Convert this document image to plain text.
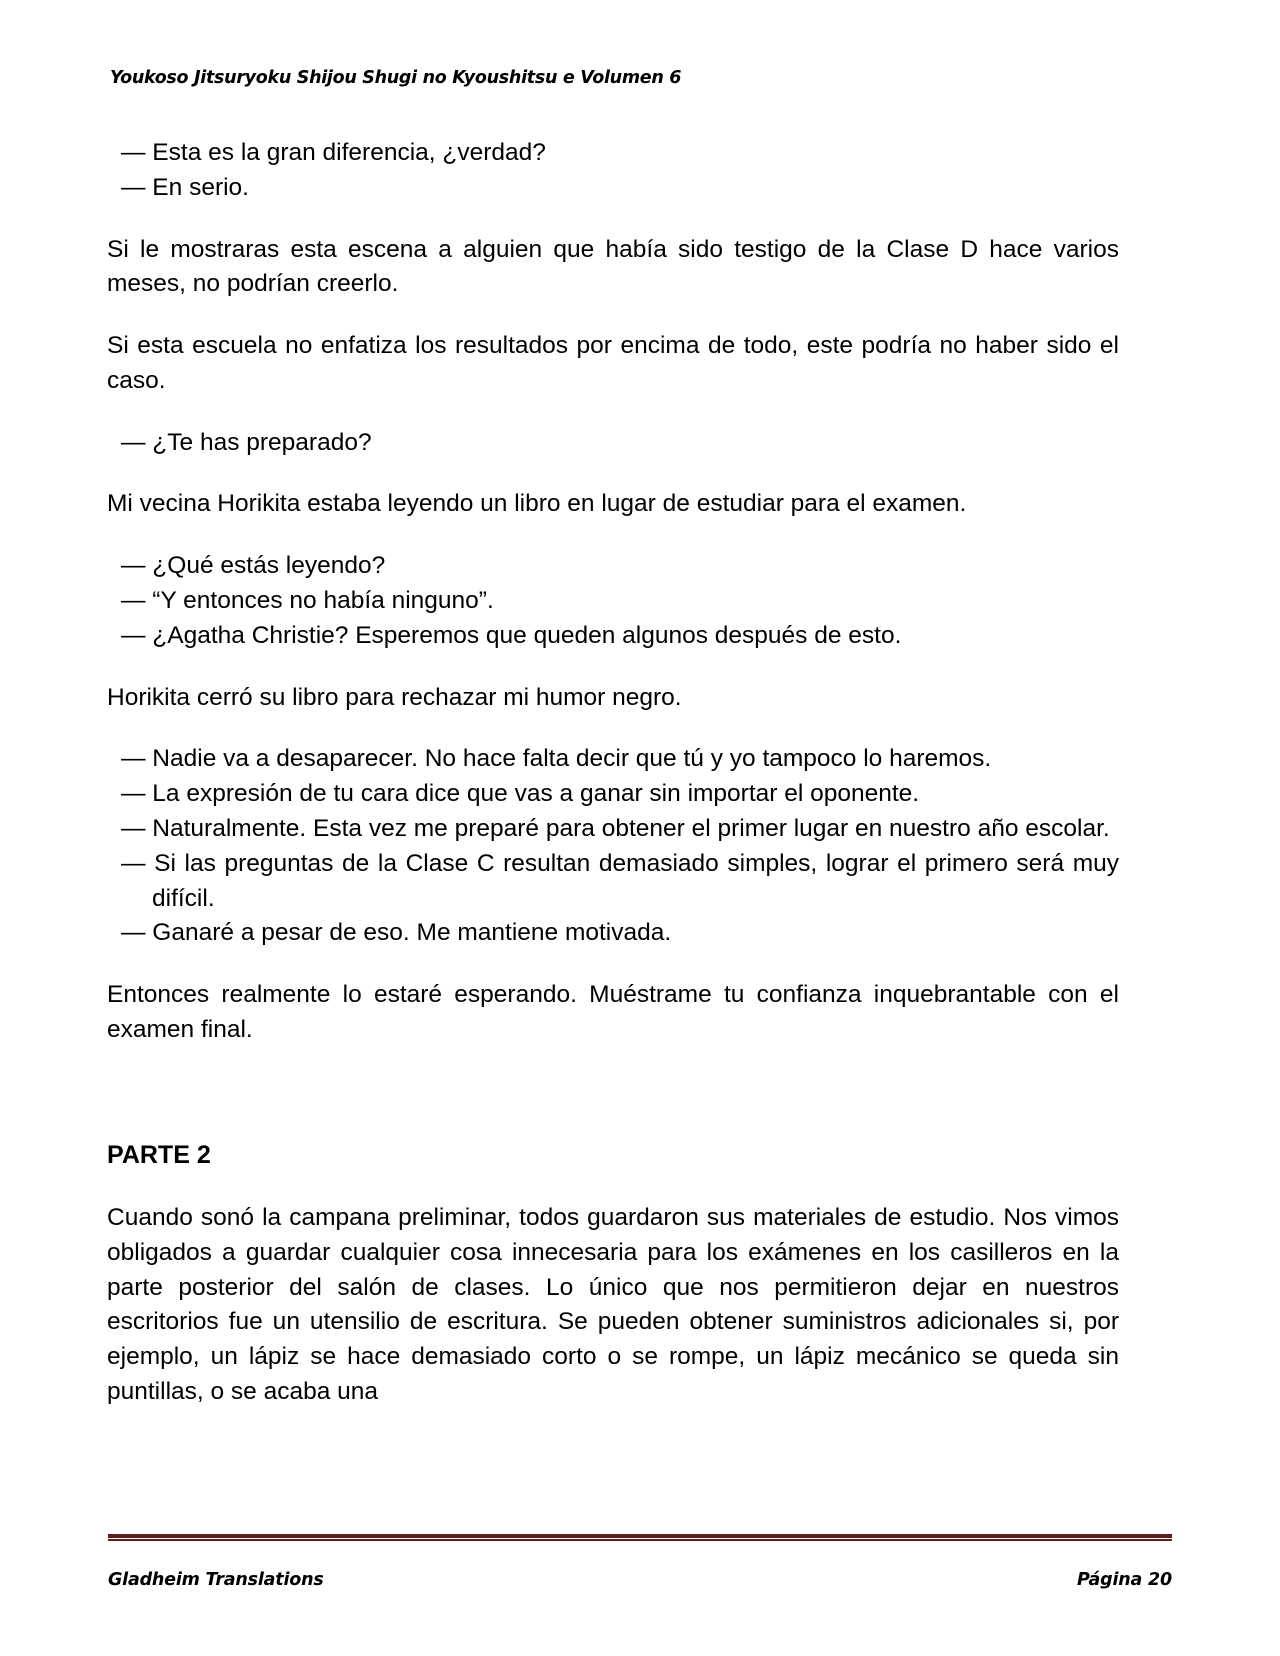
Youkoso Jitsuryoku Shijou Shugi no Kyoushitsu e Volumen 6

— Esta es la gran diferencia, ¿verdad?

— En serio.

Si le mostraras esta escena a alguien que había sido testigo de la Clase D hace varios meses, no podrían creerlo.

Si esta escuela no enfatiza los resultados por encima de todo, este podría no haber sido el caso.

— ¿Te has preparado?

Mi vecina Horikita estaba leyendo un libro en lugar de estudiar para el examen.

— ¿Qué estás leyendo?

— “Y entonces no había ninguno”.

— ¿Agatha Christie? Esperemos que queden algunos después de esto.

Horikita cerró su libro para rechazar mi humor negro.

— Nadie va a desaparecer. No hace falta decir que tú y yo tampoco lo haremos.

— La expresión de tu cara dice que vas a ganar sin importar el oponente.

— Naturalmente. Esta vez me preparé para obtener el primer lugar en nuestro año escolar.

— Si las preguntas de la Clase C resultan demasiado simples, lograr el primero será muy difícil.

— Ganaré a pesar de eso. Me mantiene motivada.

Entonces realmente lo estaré esperando. Muéstrame tu confianza inquebrantable con el examen final.

PARTE 2

Cuando sonó la campana preliminar, todos guardaron sus materiales de estudio. Nos vimos obligados a guardar cualquier cosa innecesaria para los exámenes en los casilleros en la parte posterior del salón de clases. Lo único que nos permitieron dejar en nuestros escritorios fue un utensilio de escritura. Se pueden obtener suministros adicionales si, por ejemplo, un lápiz se hace demasiado corto o se rompe, un lápiz mecánico se queda sin puntillas, o se acaba una

Gladheim Translations	Página 20
